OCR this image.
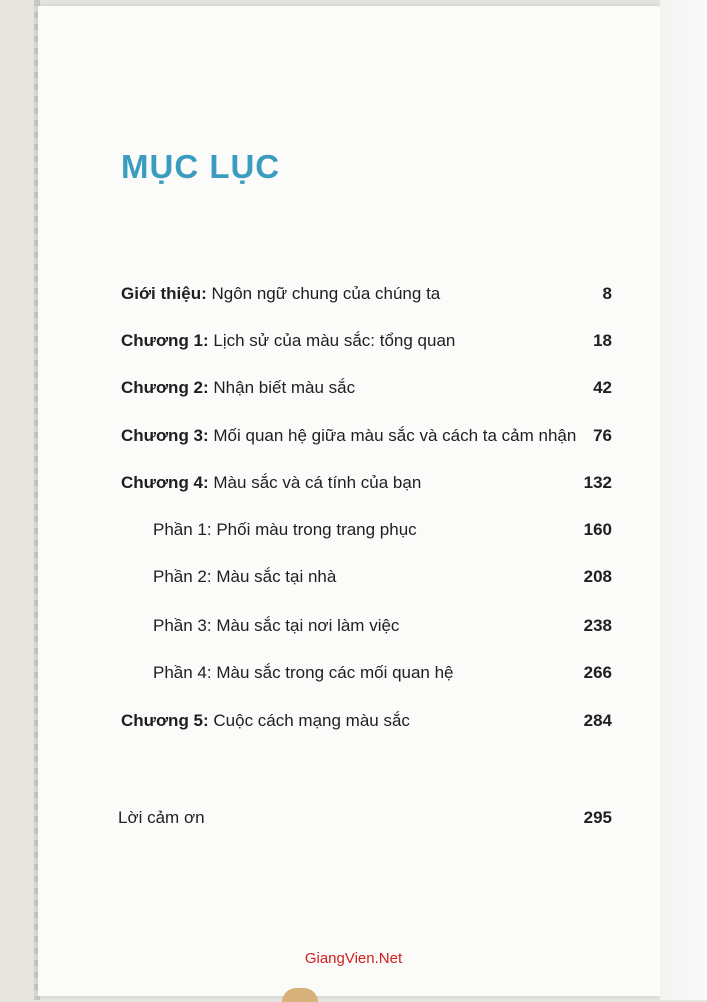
MỤC LỤC
Giới thiệu: Ngôn ngữ chung của chúng ta	8
Chương 1: Lịch sử của màu sắc: tổng quan	18
Chương 2: Nhận biết màu sắc	42
Chương 3: Mối quan hệ giữa màu sắc và cách ta cảm nhận 76
Chương 4: Màu sắc và cá tính của bạn	132
Phần 1: Phối màu trong trang phục	160
Phần 2: Màu sắc tại nhà	208
Phần 3: Màu sắc tại nơi làm việc	238
Phần 4: Màu sắc trong các mối quan hệ	266
Chương 5: Cuộc cách mạng màu sắc	284
Lời cảm ơn	295
GiangVien.Net
